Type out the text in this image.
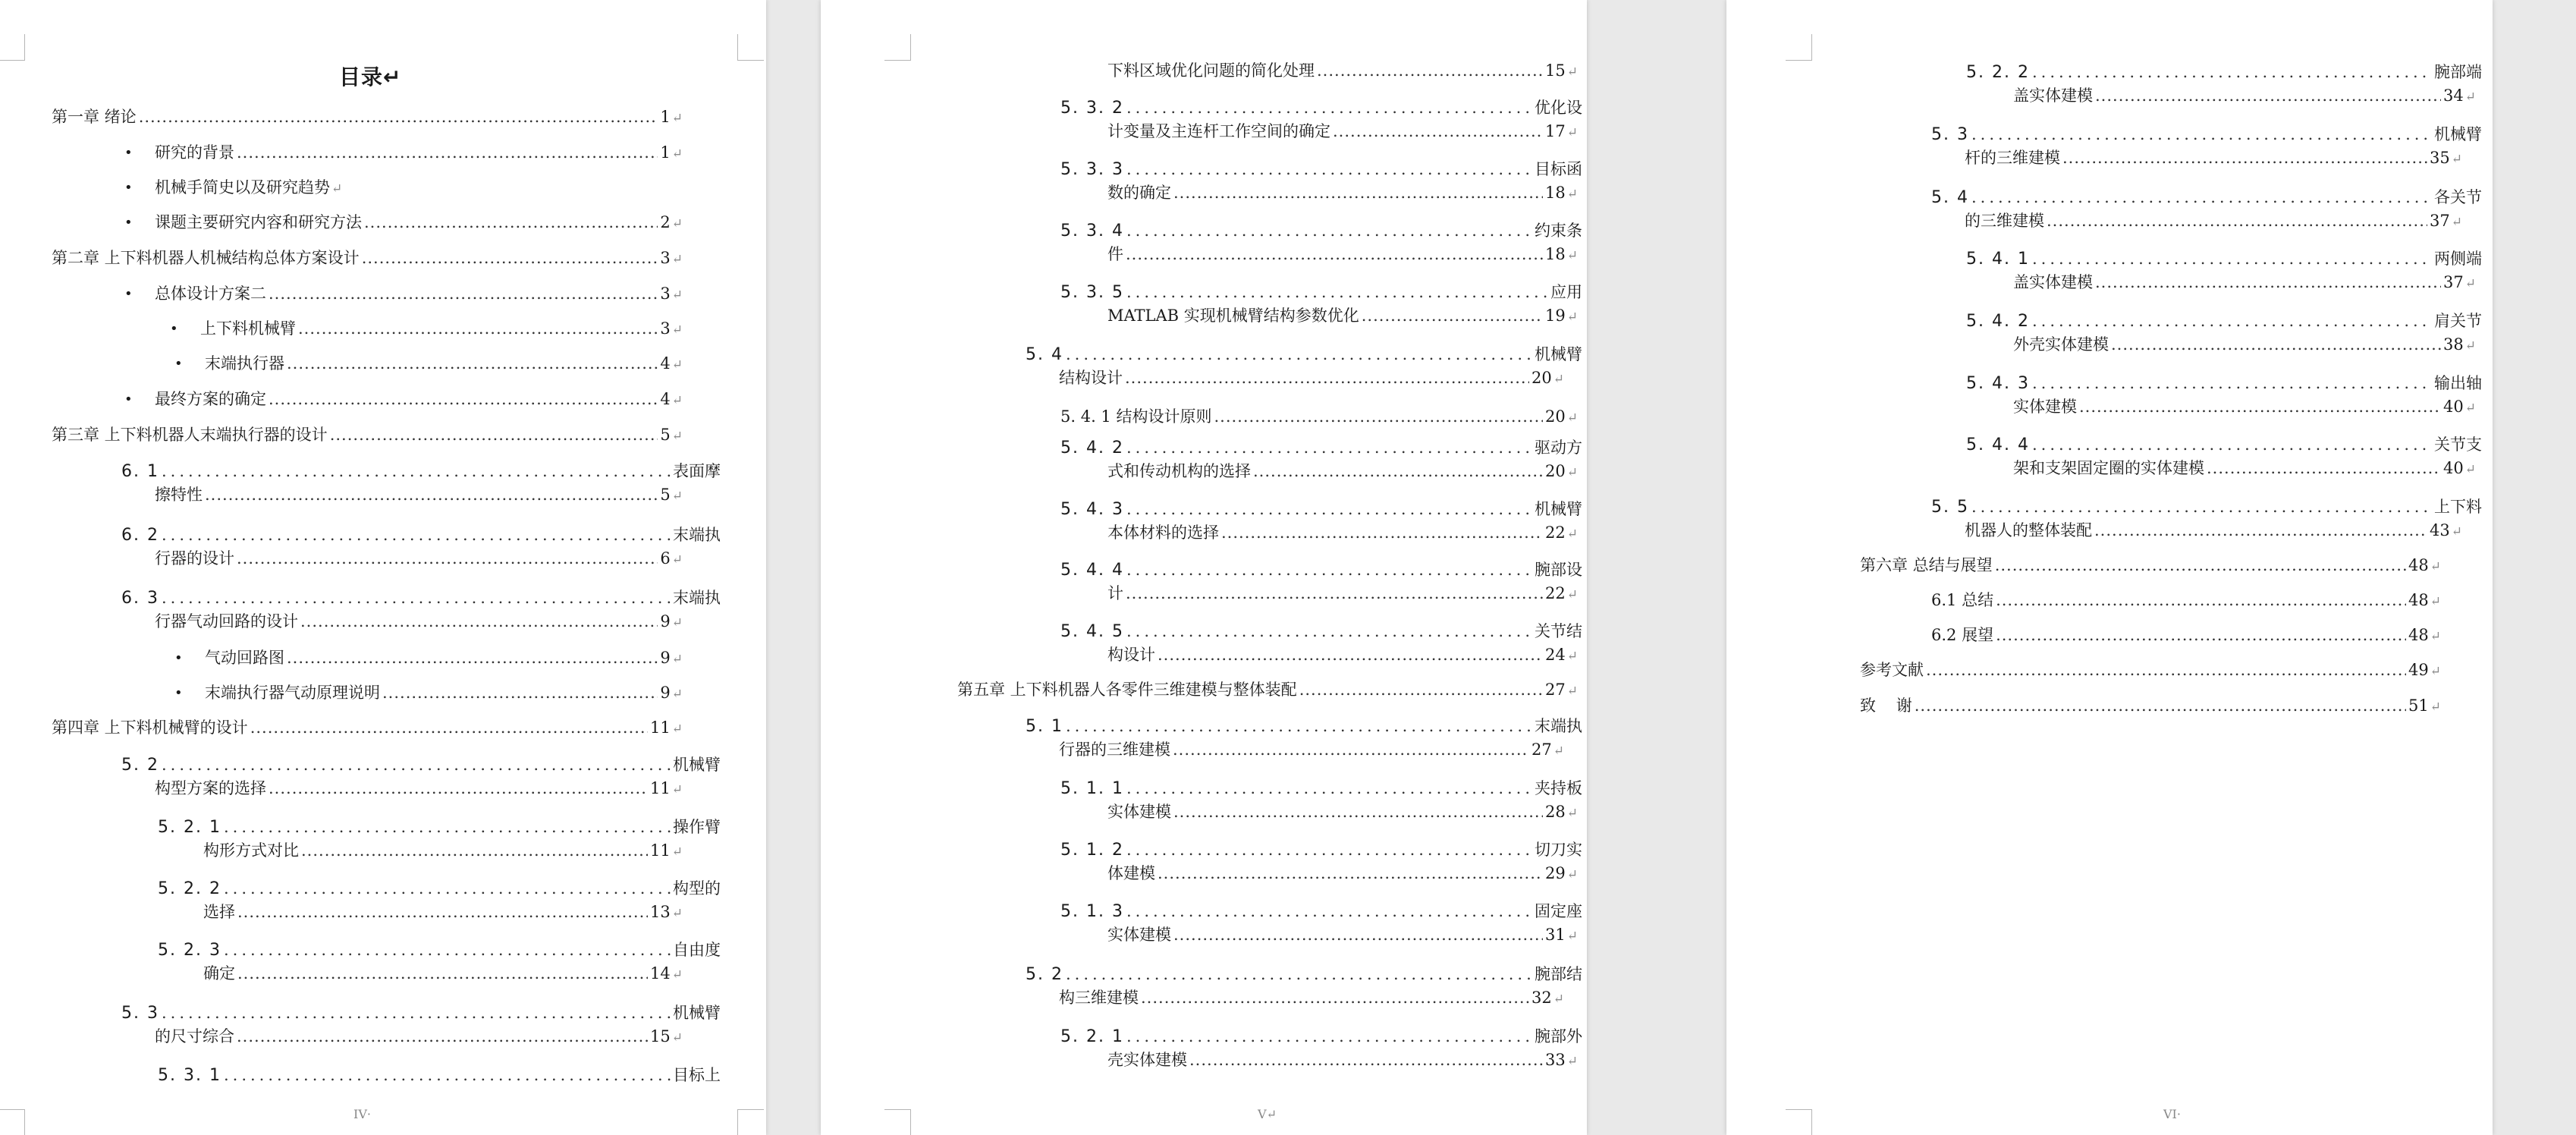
目录↵
第一章 绪论 .....	1 ↵
• 研究的背景 .....	1 ↵
• 机械手简史以及研究趋势 ↵
• 课题主要研究内容和研究方法 .....	2 ↵
第二章 上下料机器人机械结构总体方案设计 .....	3 ↵
• 总体设计方案二 .....	3 ↵
• 上下料机械臂 .....	3 ↵
• 末端执行器 .....	4 ↵
• 最终方案的确定 .....	4 ↵
第三章 上下料机器人末端执行器的设计 .....	5 ↵
6. 1 .....	表面摩
擦特性 .....	5 ↵
6. 2 .....	末端执
行器的设计 .....	6 ↵
6. 3 .....	末端执
行器气动回路的设计 .....	9 ↵
• 气动回路图 .....	9 ↵
• 末端执行器气动原理说明 .....	9 ↵
第四章 上下料机械臂的设计 .....	11 ↵
5. 2 .....	机械臂
构型方案的选择 .....	11 ↵
5. 2. 1 .....	操作臂
构形方式对比 .....	11 ↵
5. 2. 2 .....	构型的
选择 .....	13 ↵
5. 2. 3 .....	自由度
确定 .....	14 ↵
5. 3 .....	机械臂
的尺寸综合 .....	15 ↵
5. 3. 1 .....	目标上
IV·
下料区域优化问题的简化处理 .....	15 ↵
5. 3. 2 .....	优化设
计变量及主连杆工作空间的确定 .....	17 ↵
5. 3. 3 .....	目标函
数的确定 .....	18 ↵
5. 3. 4 .....	约束条
件 .....	18 ↵
5. 3. 5 .....	应用
MATLAB 实现机械臂结构参数优化 .....	19 ↵
5. 4 .....	机械臂
结构设计 .....	20 ↵
5. 4. 1 结构设计原则 .....	20 ↵
5. 4. 2 .....	驱动方
式和传动机构的选择 .....	20 ↵
5. 4. 3 .....	机械臂
本体材料的选择 .....	22 ↵
5. 4. 4 .....	腕部设
计 .....	22 ↵
5. 4. 5 .....	关节结
构设计 .....	24 ↵
第五章 上下料机器人各零件三维建模与整体装配 .....	27 ↵
5. 1 .....	末端执
行器的三维建模 .....	27 ↵
5. 1. 1 .....	夹持板
实体建模 .....	28 ↵
5. 1. 2 .....	切刀实
体建模 .....	29 ↵
5. 1. 3 .....	固定座
实体建模 .....	31 ↵
5. 2 .....	腕部结
构三维建模 .....	32 ↵
5. 2. 1 .....	腕部外
壳实体建模 .....	33 ↵
V↵
5. 2. 2 .....	腕部端
盖实体建模 .....	34 ↵
5. 3 .....	机械臂
杆的三维建模 .....	35 ↵
5. 4 .....	各关节
的三维建模 .....	37 ↵
5. 4. 1 .....	两侧端
盖实体建模 .....	37 ↵
5. 4. 2 .....	肩关节
外壳实体建模 .....	38 ↵
5. 4. 3 .....	输出轴
实体建模 .....	40 ↵
5. 4. 4 .....	关节支
架和支架固定圈的实体建模 .....	40 ↵
5. 5 .....	上下料
机器人的整体装配 .....	43 ↵
第六章 总结与展望 .....	48 ↵
6.1 总结 .....	48 ↵
6.2 展望 .....	48 ↵
参考文献 .....	49 ↵
致    谢 .....	51 ↵
VI·
